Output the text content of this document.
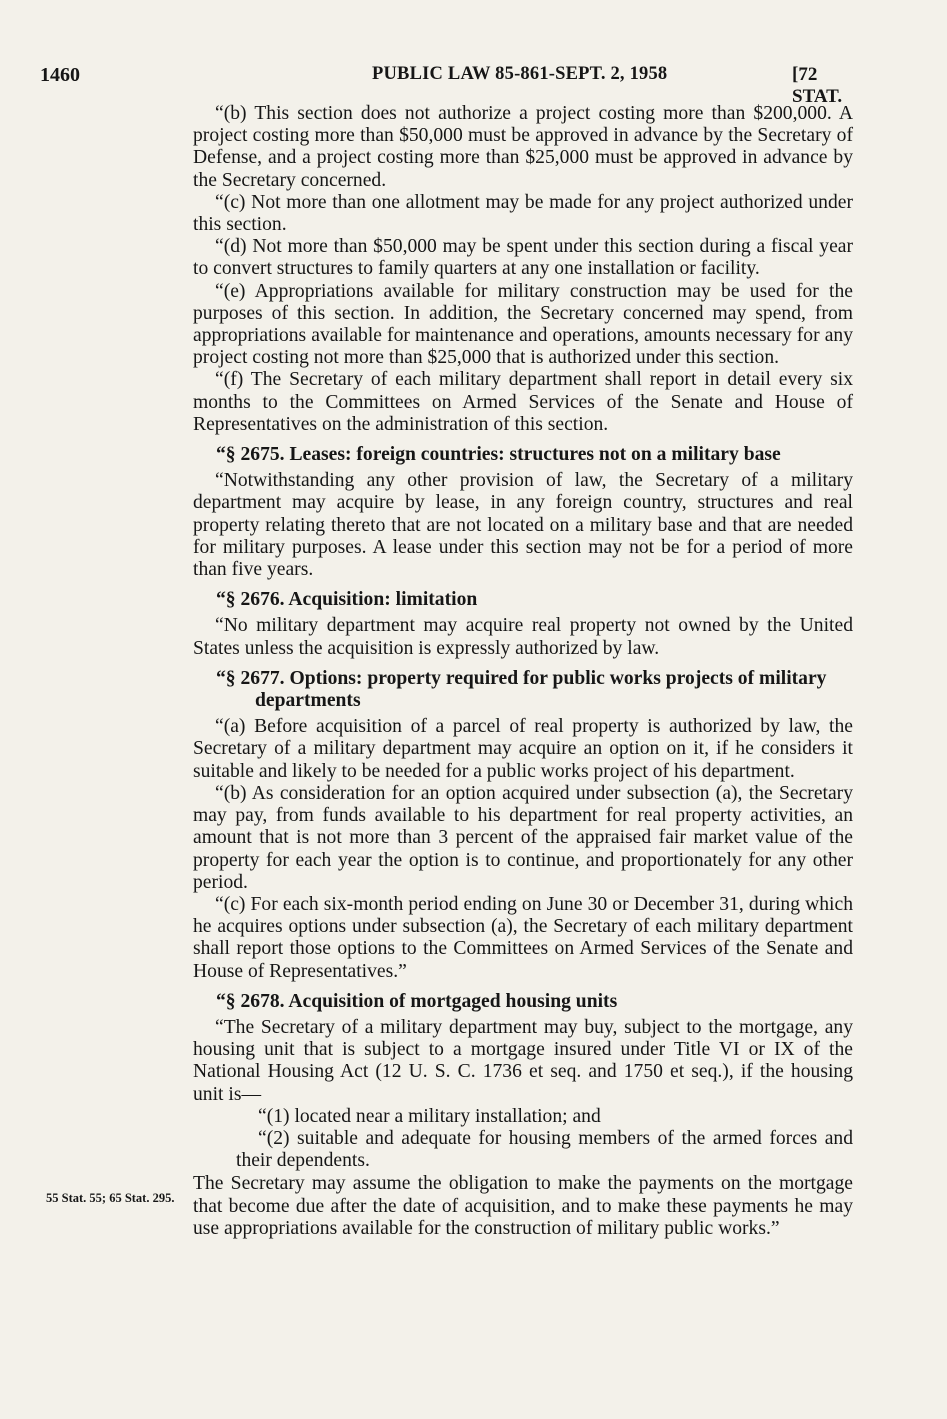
1460	PUBLIC LAW 85-861-SEPT. 2, 1958	[72 STAT.

“(b) This section does not authorize a project costing more than $200,000. A project costing more than $50,000 must be approved in advance by the Secretary of Defense, and a project costing more than $25,000 must be approved in advance by the Secretary concerned.

“(c) Not more than one allotment may be made for any project authorized under this section.

“(d) Not more than $50,000 may be spent under this section during a fiscal year to convert structures to family quarters at any one installation or facility.

“(e) Appropriations available for military construction may be used for the purposes of this section. In addition, the Secretary concerned may spend, from appropriations available for maintenance and operations, amounts necessary for any project costing not more than $25,000 that is authorized under this section.

“(f) The Secretary of each military department shall report in detail every six months to the Committees on Armed Services of the Senate and House of Representatives on the administration of this section.

“§ 2675. Leases: foreign countries: structures not on a military base

“Notwithstanding any other provision of law, the Secretary of a military department may acquire by lease, in any foreign country, structures and real property relating thereto that are not located on a military base and that are needed for military purposes. A lease under this section may not be for a period of more than five years.

“§ 2676. Acquisition: limitation

“No military department may acquire real property not owned by the United States unless the acquisition is expressly authorized by law.

“§ 2677. Options: property required for public works projects of military departments

“(a) Before acquisition of a parcel of real property is authorized by law, the Secretary of a military department may acquire an option on it, if he considers it suitable and likely to be needed for a public works project of his department.

“(b) As consideration for an option acquired under subsection (a), the Secretary may pay, from funds available to his department for real property activities, an amount that is not more than 3 percent of the appraised fair market value of the property for each year the option is to continue, and proportionately for any other period.

“(c) For each six-month period ending on June 30 or December 31, during which he acquires options under subsection (a), the Secretary of each military department shall report those options to the Committees on Armed Services of the Senate and House of Representatives.”

“§ 2678. Acquisition of mortgaged housing units

“The Secretary of a military department may buy, subject to the mortgage, any housing unit that is subject to a mortgage insured under Title VI or IX of the National Housing Act (12 U. S. C. 1736 et seq. and 1750 et seq.), if the housing unit is—

“(1) located near a military installation; and

“(2) suitable and adequate for housing members of the armed forces and their dependents.

The Secretary may assume the obligation to make the payments on the mortgage that become due after the date of acquisition, and to make these payments he may use appropriations available for the construction of military public works.”

55 Stat. 55; 65 Stat. 295.
